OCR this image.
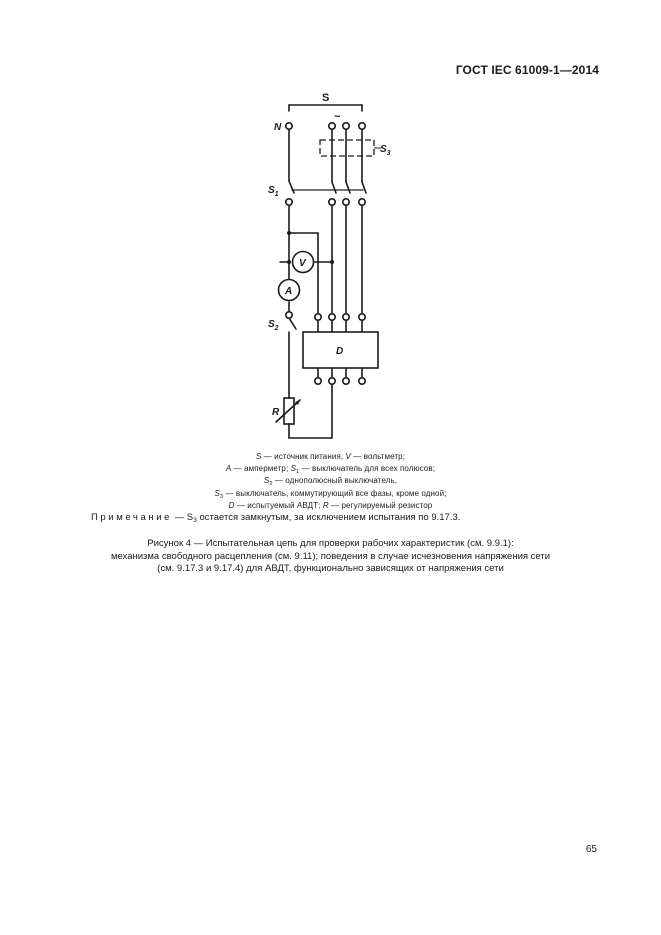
ГОСТ IEC 61009-1—2014
S
N
~
$S_3$
$S_1$
V
A
$S_2$
D
R
S — источник питания, V — вольтметр;
A — амперметр; $S_1$ — выключатель для всех полюсов;
$S_2$ — однополюсный выключатель,
$S_3$ — выключатель, коммутирующий все фазы, кроме одной;
D — испытуемый АВДТ; R — регулируемый резистор
Примечание — $S_3$ остается замкнутым, за исключением испытания по 9.17.3.
Рисунок 4 — Испытательная цепь для проверки рабочих характеристик (см. 9.9.1):
механизма свободного расцепления (см. 9.11); поведения в случае исчезновения напряжения сети
(см. 9.17.3 и 9.17.4) для АВДТ, функционально зависящих от напряжения сети
65
